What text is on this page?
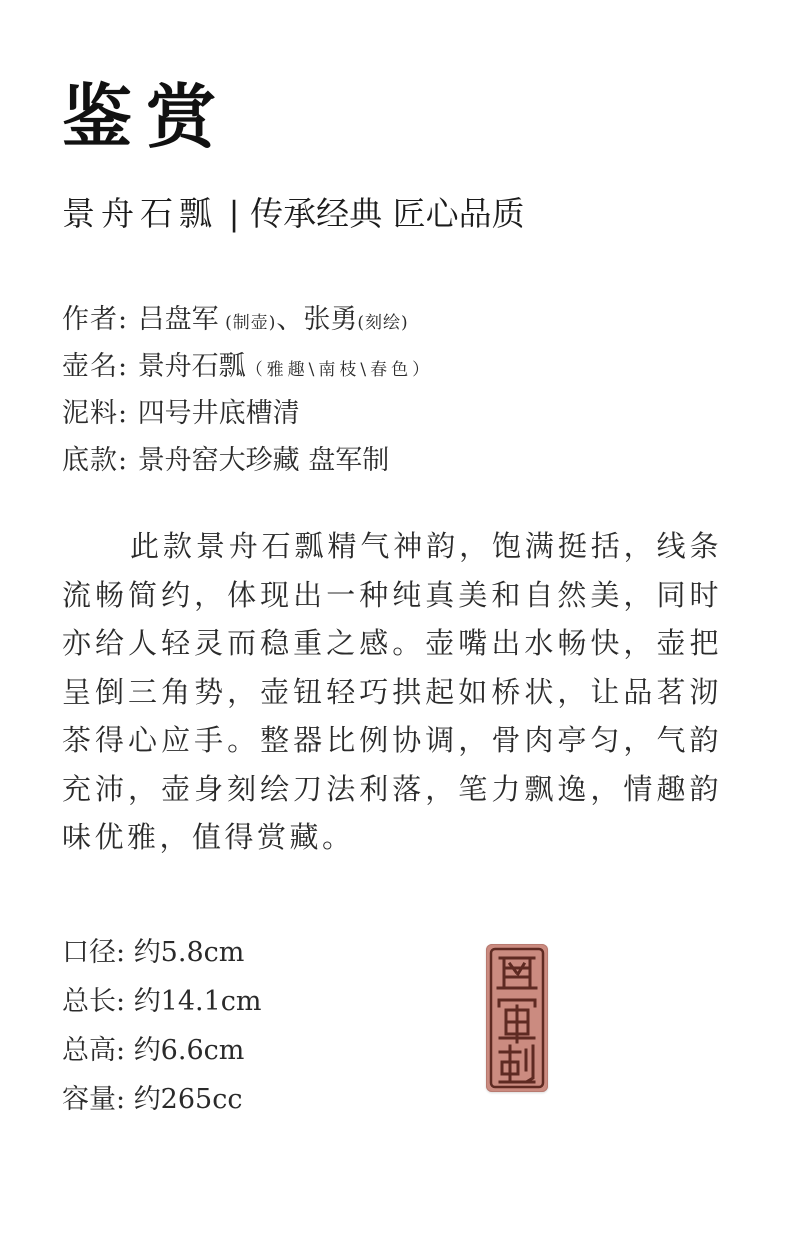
鉴赏
景舟石瓢 | 传承经典 匠心品质
作者: 吕盘军 (制壶)、张勇(刻绘)
壶名: 景舟石瓢（雅趣\南枝\春色）
泥料: 四号井底槽清
底款: 景舟窑大珍藏 盘军制

此款景舟石瓢精气神韵，饱满挺括，线条流畅简约，体现出一种纯真美和自然美，同时亦给人轻灵而稳重之感。壶嘴出水畅快，壶把呈倒三角势，壶钮轻巧拱起如桥状，让品茗沏茶得心应手。整器比例协调，骨肉亭匀，气韵充沛，壶身刻绘刀法利落，笔力飘逸，情趣韵味优雅，值得赏藏。

口径: 约5.8cm
总长: 约14.1cm
总高: 约6.6cm
容量: 约265cc
